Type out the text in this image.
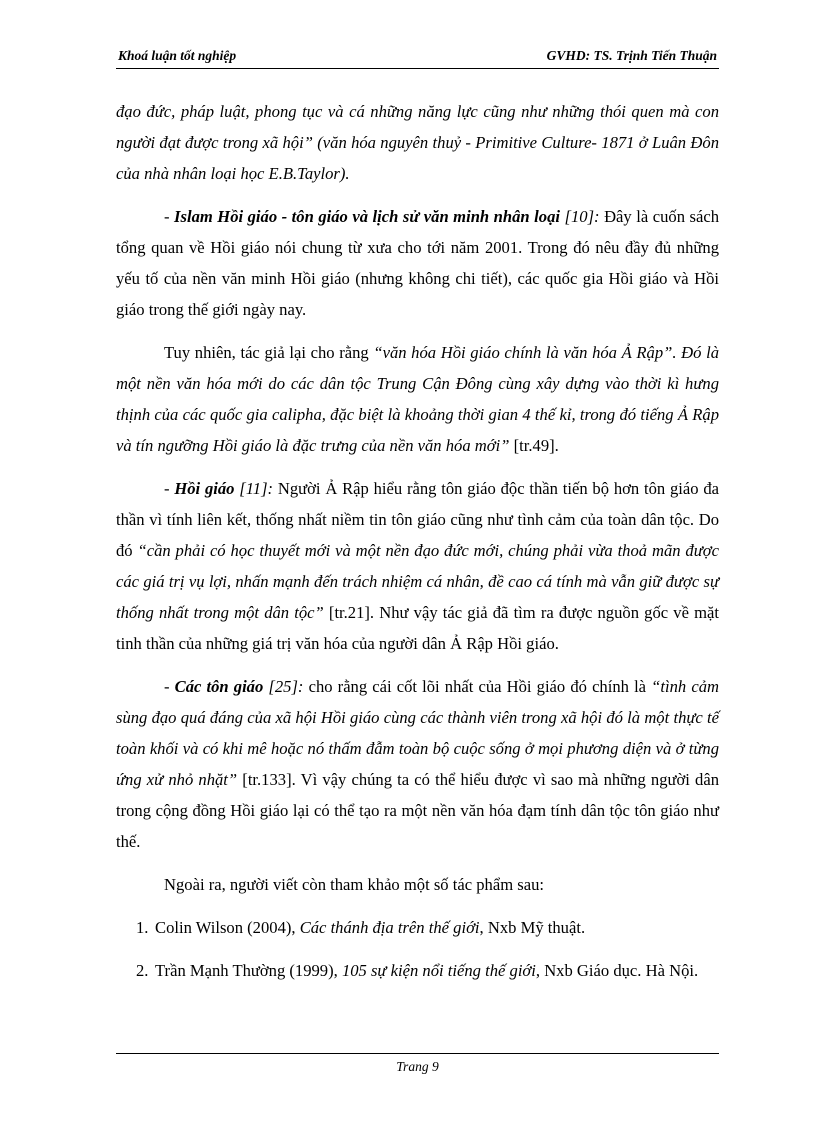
Khoá luận tốt nghiệp	GVHD: TS. Trịnh Tiến Thuận

đạo đức, pháp luật, phong tục và cá những năng lực cũng như những thói quen mà con người đạt được trong xã hội” (văn hóa nguyên thuỷ - Primitive Culture- 1871 ở Luân Đôn của nhà nhân loại học E.B.Taylor).

- Islam Hồi giáo - tôn giáo và lịch sử văn minh nhân loại [10]: Đây là cuốn sách tổng quan về Hồi giáo nói chung từ xưa cho tới năm 2001. Trong đó nêu đầy đủ những yếu tố của nền văn minh Hồi giáo (nhưng không chi tiết), các quốc gia Hồi giáo và Hồi giáo trong thế giới ngày nay.

Tuy nhiên, tác giả lại cho rằng “văn hóa Hồi giáo chính là văn hóa Ả Rập”. Đó là một nền văn hóa mới do các dân tộc Trung Cận Đông cùng xây dựng vào thời kì hưng thịnh của các quốc gia calipha, đặc biệt là khoảng thời gian 4 thế kỉ, trong đó tiếng Ả Rập và tín ngưỡng Hồi giáo là đặc trưng của nền văn hóa mới” [tr.49].

- Hồi giáo [11]: Người Ả Rập hiểu rằng tôn giáo độc thần tiến bộ hơn tôn giáo đa thần vì tính liên kết, thống nhất niềm tin tôn giáo cũng như tình cảm của toàn dân tộc. Do đó “cần phải có học thuyết mới và một nền đạo đức mới, chúng phải vừa thoả mãn được các giá trị vụ lợi, nhấn mạnh đến trách nhiệm cá nhân, đề cao cá tính mà vẫn giữ được sự thống nhất trong một dân tộc” [tr.21]. Như vậy tác giả đã tìm ra được nguồn gốc về mặt tinh thần của những giá trị văn hóa của người dân Ả Rập Hồi giáo.

- Các tôn giáo [25]: cho rằng cái cốt lõi nhất của Hồi giáo đó chính là “tình cảm sùng đạo quá đáng của xã hội Hồi giáo cùng các thành viên trong xã hội đó là một thực tế toàn khối và có khi mê hoặc nó thấm đẫm toàn bộ cuộc sống ở mọi phương diện và ở từng ứng xử nhỏ nhặt” [tr.133]. Vì vậy chúng ta có thể hiểu được vì sao mà những người dân trong cộng đồng Hồi giáo lại có thể tạo ra một nền văn hóa đạm tính dân tộc tôn giáo như thế.

Ngoài ra, người viết còn tham khảo một số tác phẩm sau:

1. Colin Wilson (2004), Các thánh địa trên thế giới, Nxb Mỹ thuật.
2. Trần Mạnh Thường (1999), 105 sự kiện nổi tiếng thế giới, Nxb Giáo dục. Hà Nội.
Trang 9
